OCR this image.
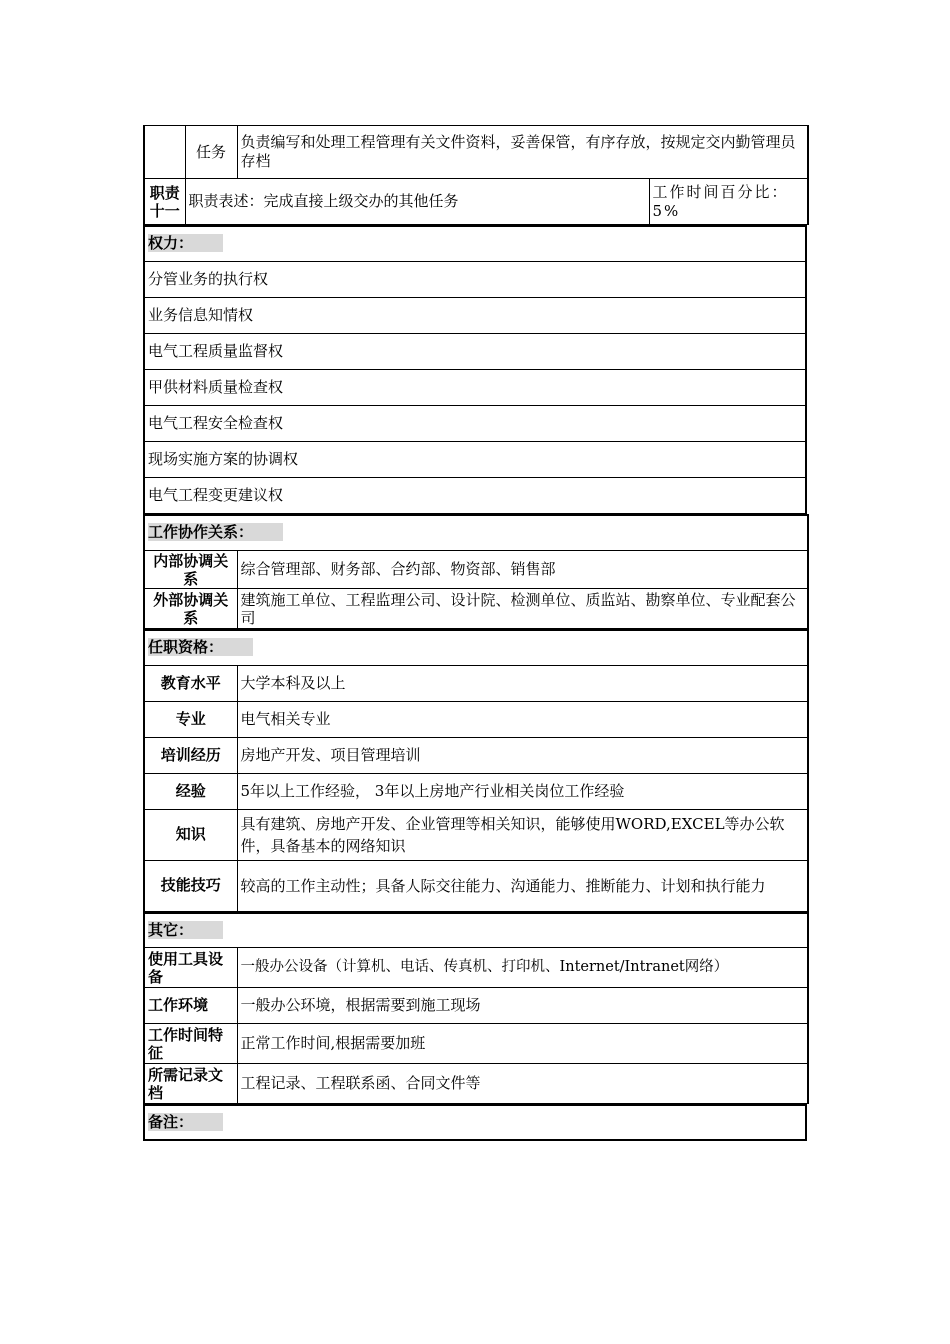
	任务	负责编写和处理工程管理有关文件资料，妥善保管，有序存放，按规定交内勤管理员存档	
职责十一	职责表述：完成直接上级交办的其他任务		工作时间百分比：5%
权力：
分管业务的执行权
业务信息知情权
电气工程质量监督权
甲供材料质量检查权
电气工程安全检查权
现场实施方案的协调权
电气工程变更建议权
工作协作关系：	
内部协调关系	综合管理部、财务部、合约部、物资部、销售部
外部协调关系	建筑施工单位、工程监理公司、设计院、检测单位、质监站、勘察单位、专业配套公司
任职资格：	
教育水平	大学本科及以上
专业	电气相关专业
培训经历	房地产开发、项目管理培训
经验	5年以上工作经验， 3年以上房地产行业相关岗位工作经验
知识	具有建筑、房地产开发、企业管理等相关知识，能够使用WORD,EXCEL等办公软件，具备基本的网络知识
技能技巧	较高的工作主动性；具备人际交往能力、沟通能力、推断能力、计划和执行能力
其它：	
使用工具设备	一般办公设备（计算机、电话、传真机、打印机、Internet/Intranet网络）
工作环境	一般办公环境，根据需要到施工现场
工作时间特征	正常工作时间,根据需要加班
所需记录文档	工程记录、工程联系函、合同文件等
备注：
